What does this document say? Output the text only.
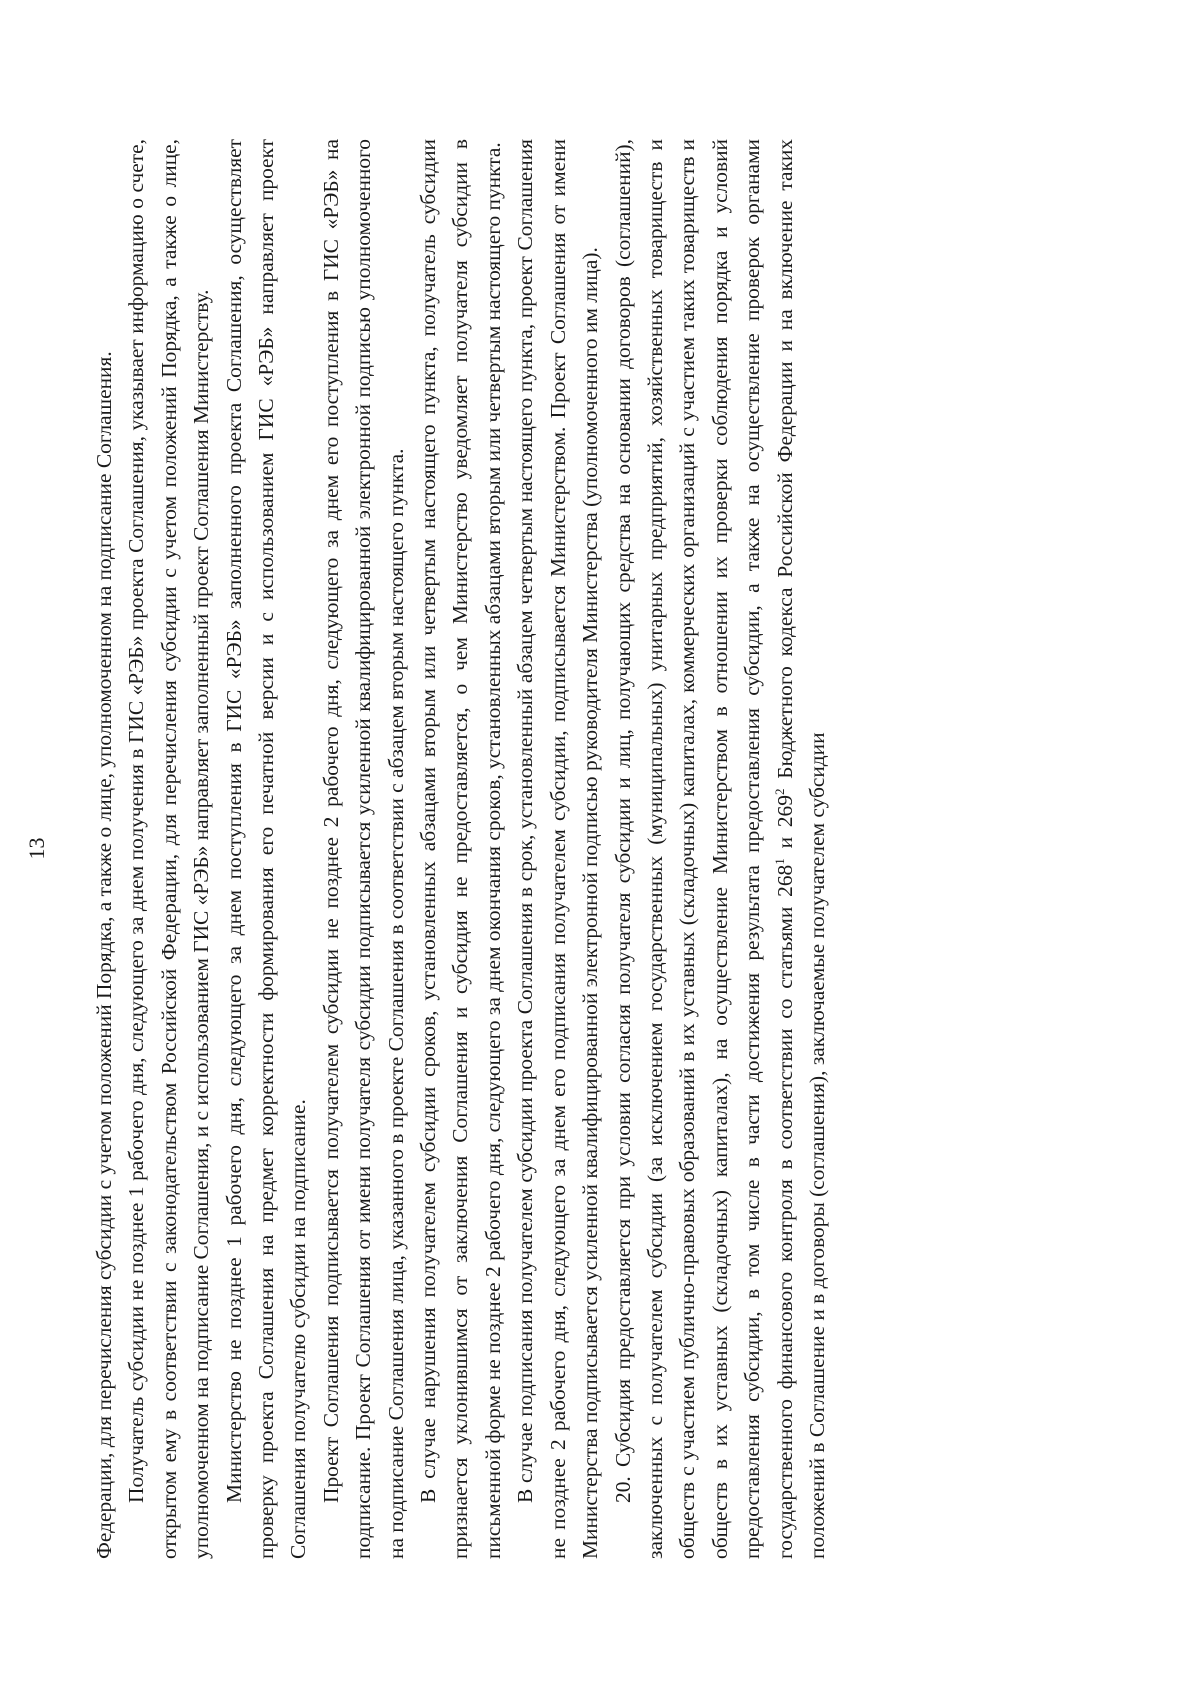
13 Федерации, для перечисления субсидии с учетом положений Порядка, а также о лице, уполномоченном на подписание Соглашения. Получатель субсидии не позднее 1 рабочего дня, следующего за днем получения в ГИС «РЭБ» проекта Соглашения, указывает информацию о счете, открытом ему в соответствии с законодательством Российской Федерации, для перечисления субсидии с учетом положений Порядка, а также о лице, уполномоченном на подписание Соглашения, и с использованием ГИС «РЭБ» направляет заполненный проект Соглашения Министерству. Министерство не позднее 1 рабочего дня, следующего за днем поступления в ГИС «РЭБ» заполненного проекта Соглашения, осуществляет проверку проекта Соглашения на предмет корректности формирования его печатной версии и с использованием ГИС «РЭБ» направляет проект Соглашения получателю субсидии на подписание. Проект Соглашения подписывается получателем субсидии не позднее 2 рабочего дня, следующего за днем его поступления в ГИС «РЭБ» на подписание. Проект Соглашения от имени получателя субсидии подписывается усиленной квалифицированной электронной подписью уполномоченного на подписание Соглашения лица, указанного в проекте Соглашения в соответствии с абзацем вторым настоящего пункта. В случае нарушения получателем субсидии сроков, установленных абзацами вторым или четвертым настоящего пункта, получатель субсидии признается уклонившимся от заключения Соглашения и субсидия не предоставляется, о чем Министерство уведомляет получателя субсидии в письменной форме не позднее 2 рабочего дня, следующего за днем окончания сроков, установленных абзацами вторым или четвертым настоящего пункта. В случае подписания получателем субсидии проекта Соглашения в срок, установленный абзацем четвертым настоящего пункта, проект Соглашения не позднее 2 рабочего дня, следующего за днем его подписания получателем субсидии, подписывается Министерством. Проект Соглашения от имени Министерства подписывается усиленной квалифицированной электронной подписью руководителя Министерства (уполномоченного им лица). 20. Субсидия предоставляется при условии согласия получателя субсидии и лиц, получающих средства на основании договоров (соглашений), заключенных с получателем субсидии (за исключением государственных (муниципальных) унитарных предприятий, хозяйственных товариществ и обществ с участием публично-правовых образований в их уставных (складочных) капиталах, коммерческих организаций с участием таких товариществ и обществ в их уставных (складочных) капиталах), на осуществление Министерством в отношении их проверки соблюдения порядка и условий предоставления субсидии, в том числе в части достижения результата предоставления субсидии, а также на осуществление проверок органами государственного финансового контроля в соответствии со статьями $268^1$ и $269^2$ Бюджетного кодекса Российской Федерации и на включение таких положений в Соглашение и в договоры (соглашения), заключаемые получателем субсидии
